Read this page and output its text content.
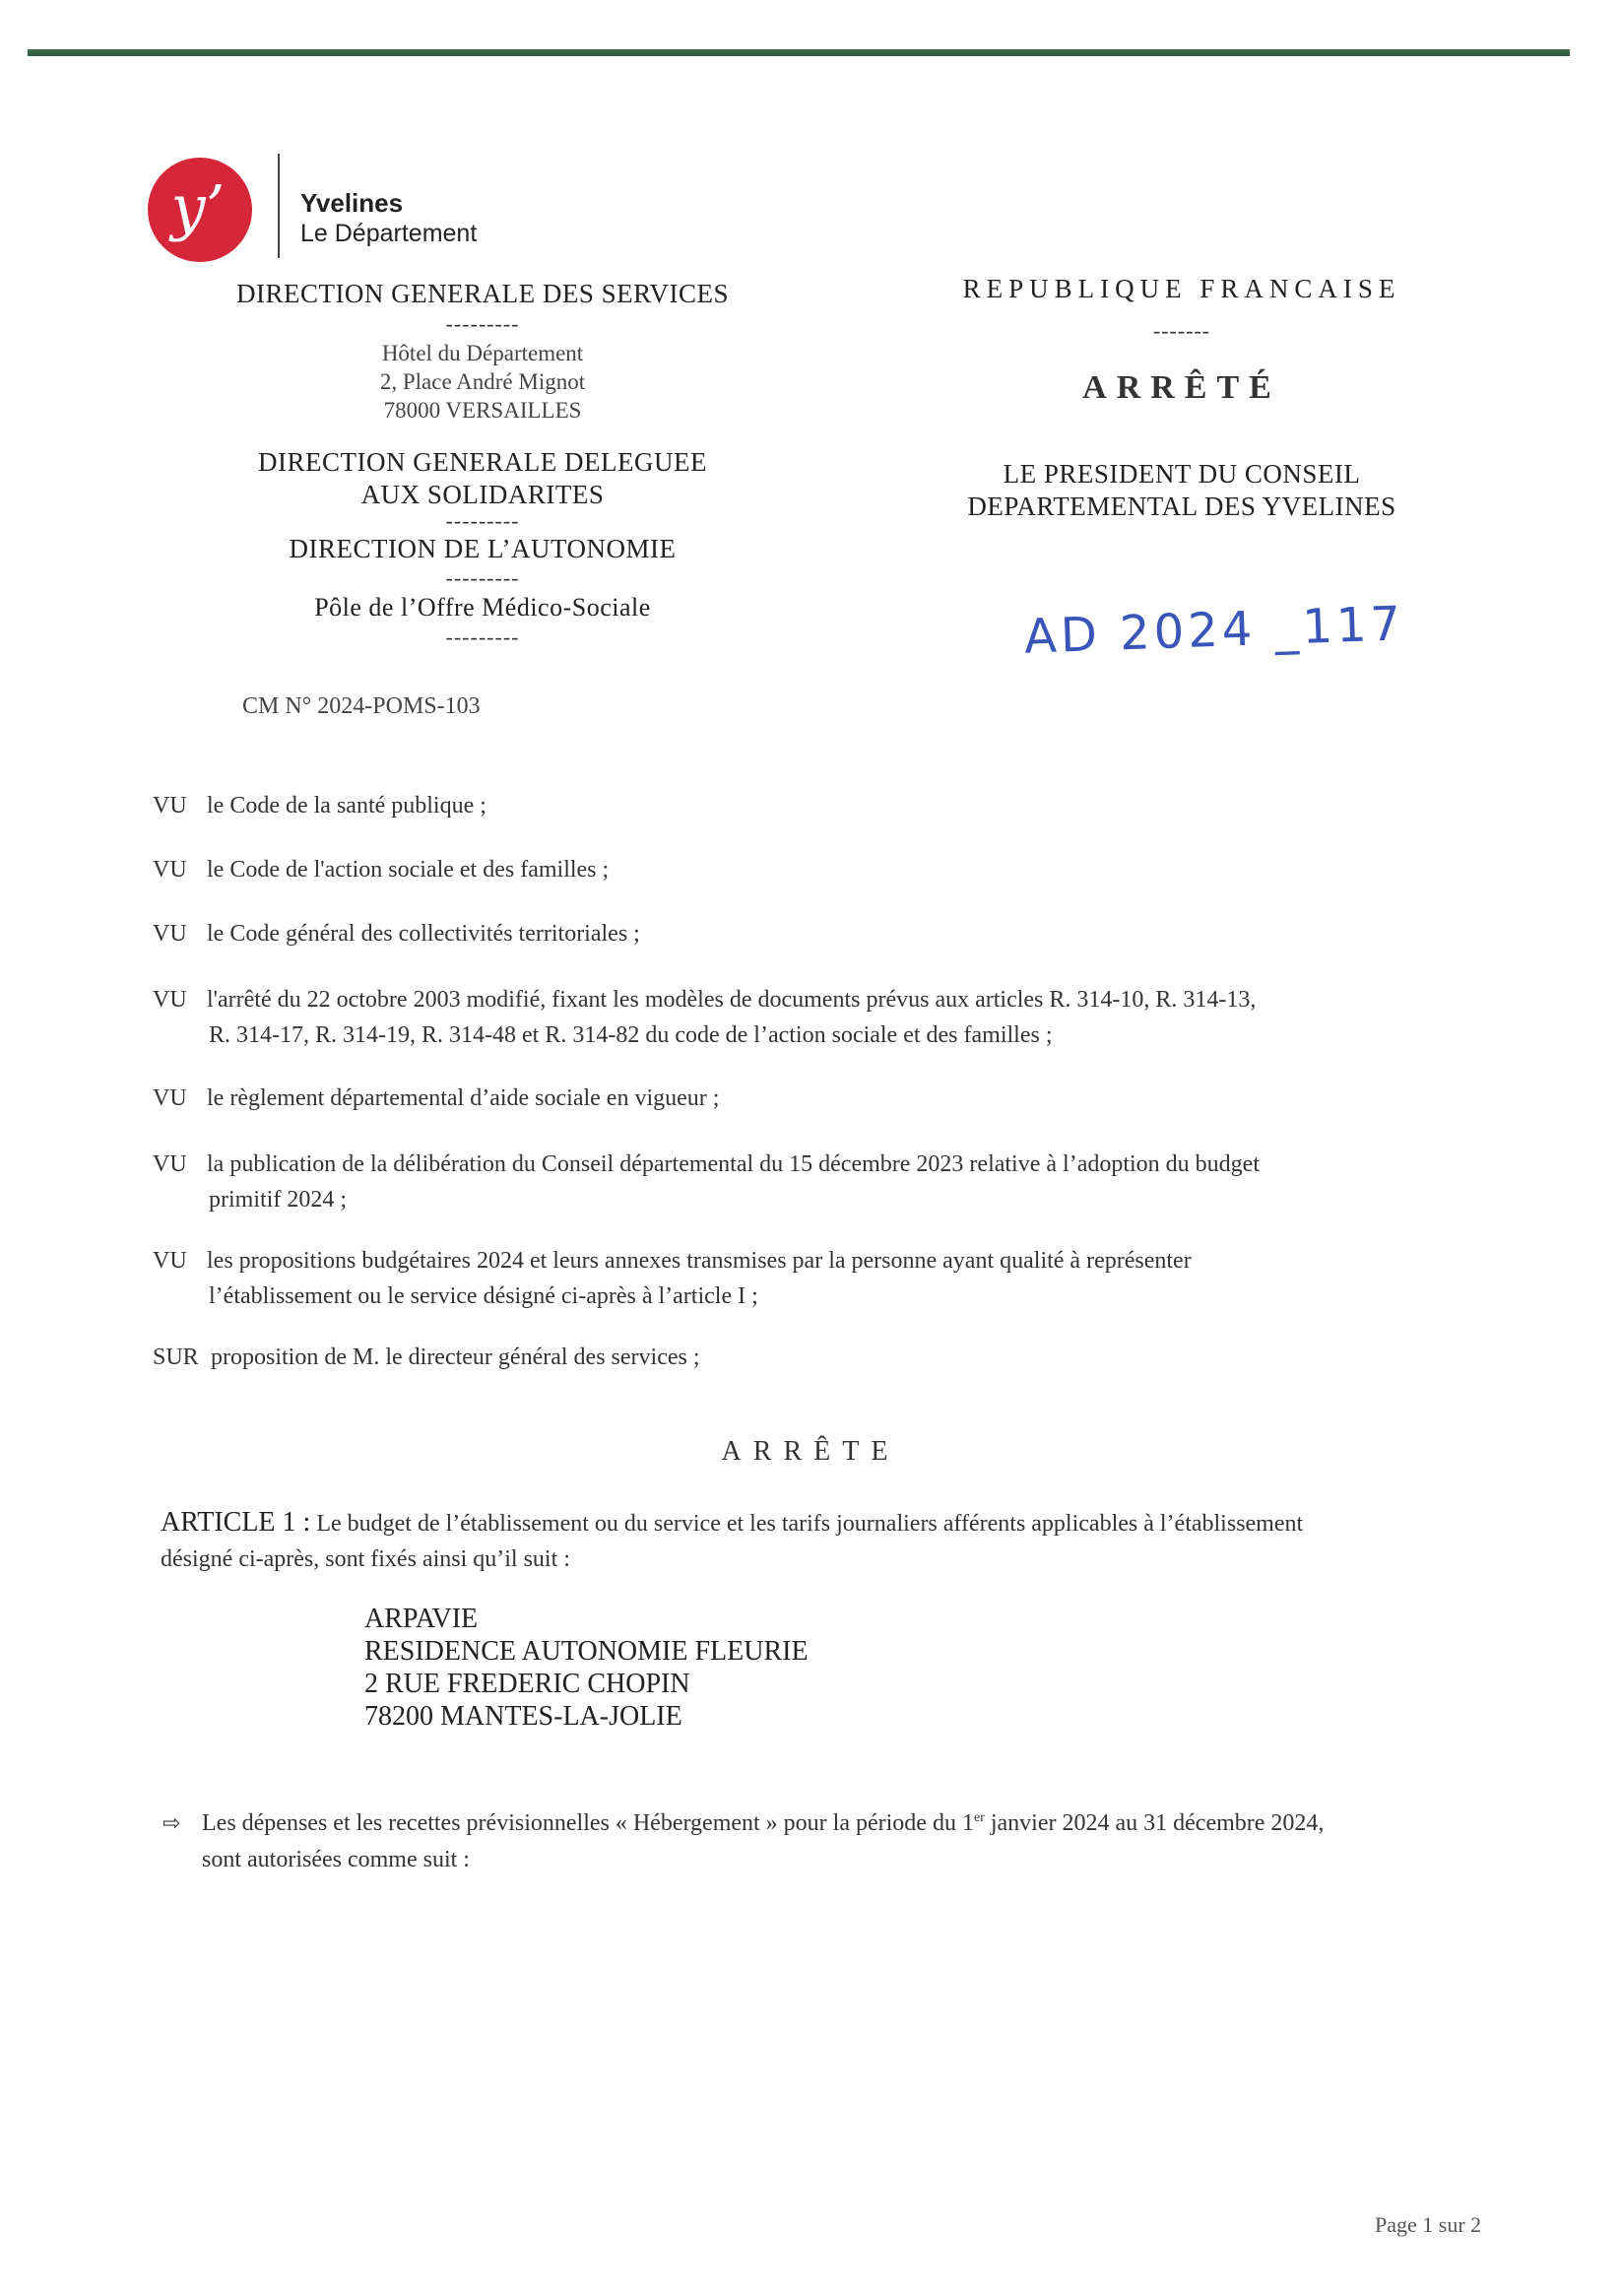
y’	Yvelines
Le Département
DIRECTION GENERALE DES SERVICES
---------
Hôtel du Département
2, Place André Mignot
78000 VERSAILLES
DIRECTION GENERALE DELEGUEE
AUX SOLIDARITES
---------
DIRECTION DE L’AUTONOMIE
---------
Pôle de l’Offre Médico-Sociale
---------
CM N° 2024-POMS-103
REPUBLIQUE FRANCAISE
-------
ARRÊTÉ
LE PRESIDENT DU CONSEIL
DEPARTEMENTAL DES YVELINES
AD 2024 _117
VU le Code de la santé publique ;
VU le Code de l'action sociale et des familles ;
VU le Code général des collectivités territoriales ;
VU l'arrêté du 22 octobre 2003 modifié, fixant les modèles de documents prévus aux articles R. 314-10, R. 314-13,
R. 314-17, R. 314-19, R. 314-48 et R. 314-82 du code de l’action sociale et des familles ;
VU le règlement départemental d’aide sociale en vigueur ;
VU la publication de la délibération du Conseil départemental du 15 décembre 2023 relative à l’adoption du budget
primitif 2024 ;
VU les propositions budgétaires 2024 et leurs annexes transmises par la personne ayant qualité à représenter
l’établissement ou le service désigné ci-après à l’article I ;
SUR proposition de M. le directeur général des services ;
ARRÊTE
ARTICLE 1 : Le budget de l’établissement ou du service et les tarifs journaliers afférents applicables à l’établissement
désigné ci-après, sont fixés ainsi qu’il suit :
ARPAVIE
RESIDENCE AUTONOMIE FLEURIE
2 RUE FREDERIC CHOPIN
78200 MANTES-LA-JOLIE
⇨ Les dépenses et les recettes prévisionnelles « Hébergement » pour la période du 1er janvier 2024 au 31 décembre 2024,
sont autorisées comme suit :
Page 1 sur 2
